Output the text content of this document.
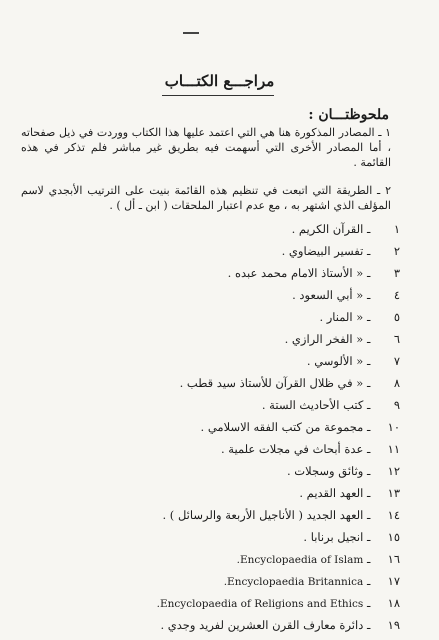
مراجـــع الكتـــاب
ملحوظتـــان :
١ ـ المصادر المذكورة هنا هي التي اعتمد عليها هذا الكتاب ووردت في ذيل صفحاته ، أما المصادر الأخرى التي أسهمت فيه بطريق غير مباشر فلم تذكر في هذه القائمة .
٢ ـ الطريقة التي اتبعت في تنظيم هذه القائمة بنيت على الترتيب الأبجدي لاسم المؤلف الذي اشتهر به ، مع عدم اعتبار الملحقات ( ابن ـ أل ) .
١ ـ القرآن الكريم .
٢ ـ تفسير البيضاوي .
٣ ـ « الأستاذ الامام محمد عبده .
٤ ـ « أبي السعود .
٥ ـ « المنار .
٦ ـ « الفخر الرازي .
٧ ـ « الألوسي .
٨ ـ « في ظلال القرآن للأستاذ سيد قطب .
٩ ـ كتب الأحاديث الستة .
١٠ ـ مجموعة من كتب الفقه الاسلامي .
١١ ـ عدة أبحاث في مجلات علمية .
١٢ ـ وثائق وسجلات .
١٣ ـ العهد القديم .
١٤ ـ العهد الجديد ( الأناجيل الأربعة والرسائل ) .
١٥ ـ انجيل برنابا .
١٦ ـ Encyclopaedia of Islam.
١٧ ـ Encyclopaedia Britannica.
١٨ ـ Encyclopaedia of Religions and Ethics.
١٩ ـ دائرة معارف القرن العشرين لفريد وجدي .
